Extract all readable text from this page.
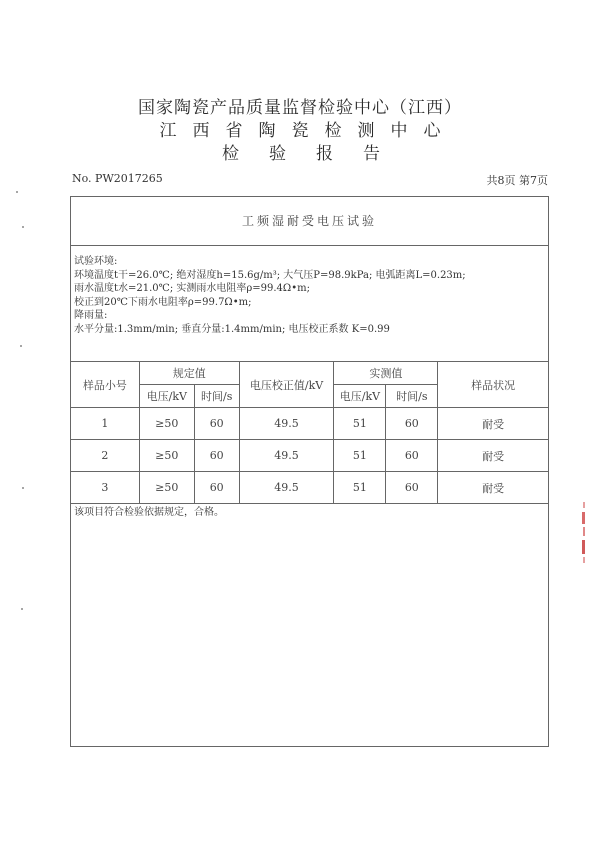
国家陶瓷产品质量监督检验中心（江西）
江西省陶瓷检测中心
检验报告
No. PW2017265	共8页 第7页
工频湿耐受电压试验
试验环境:
环境温度t干=26.0℃; 绝对湿度h=15.6g/m³; 大气压P=98.9kPa; 电弧距离L=0.23m;
雨水温度t水=21.0℃; 实测雨水电阻率ρ=99.4Ω•m;
校正到20℃下雨水电阻率ρ=99.7Ω•m;
降雨量:
水平分量:1.3mm/min; 垂直分量:1.4mm/min; 电压校正系数 K=0.99
样品小号	规定值		电压校正值/kV	实测值		样品状况
	电压/kV	时间/s		电压/kV	时间/s	
1	≥50	60	49.5	51	60	耐受
2	≥50	60	49.5	51	60	耐受
3	≥50	60	49.5	51	60	耐受
该项目符合检验依据规定，合格。
